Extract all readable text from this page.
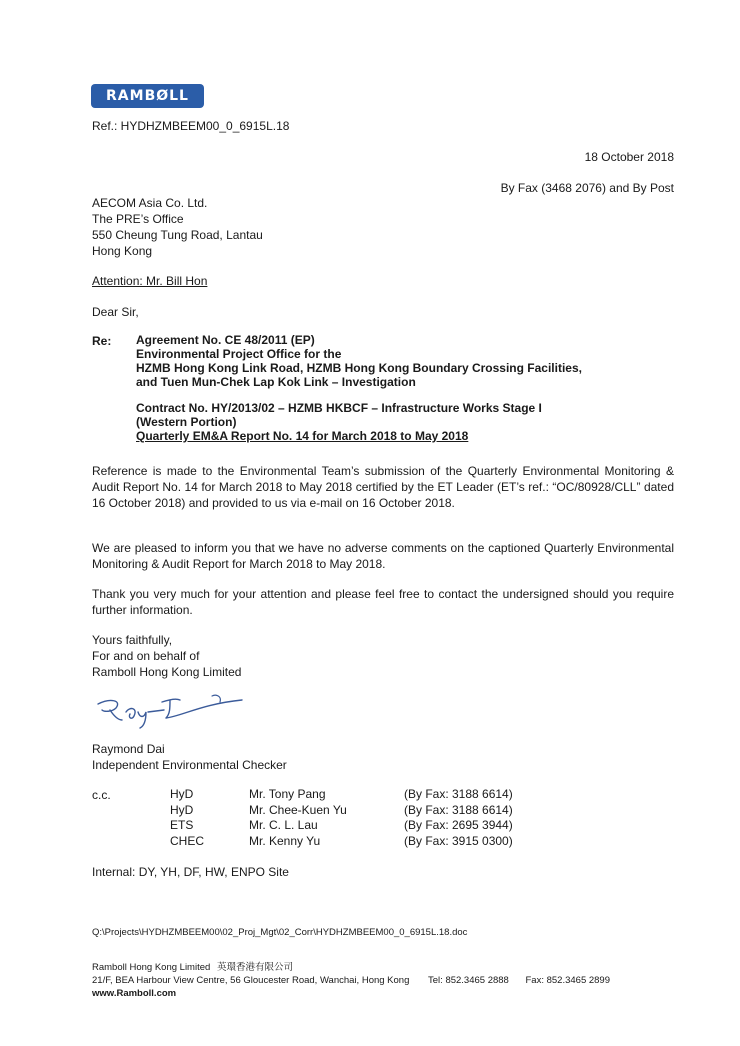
RAMBØLL
Ref.: HYDHZMBEEM00_0_6915L.18
18 October 2018
By Fax (3468 2076) and By Post
AECOM Asia Co. Ltd.
The PRE’s Office
550 Cheung Tung Road, Lantau
Hong Kong
Attention: Mr. Bill Hon
Dear Sir,
Re: Agreement No. CE 48/2011 (EP)
Environmental Project Office for the
HZMB Hong Kong Link Road, HZMB Hong Kong Boundary Crossing Facilities,
and Tuen Mun-Chek Lap Kok Link – Investigation
Contract No. HY/2013/02 – HZMB HKBCF – Infrastructure Works Stage I
(Western Portion)
Quarterly EM&A Report No. 14 for March 2018 to May 2018
Reference is made to the Environmental Team’s submission of the Quarterly Environmental Monitoring & Audit Report No. 14 for March 2018 to May 2018 certified by the ET Leader (ET’s ref.: “OC/80928/CLL” dated 16 October 2018) and provided to us via e-mail on 16 October 2018.
We are pleased to inform you that we have no adverse comments on the captioned Quarterly Environmental Monitoring & Audit Report for March 2018 to May 2018.
Thank you very much for your attention and please feel free to contact the undersigned should you require further information.
Yours faithfully,
For and on behalf of
Ramboll Hong Kong Limited
Raymond Dai
Independent Environmental Checker
c.c.	HyD
HyD
ETS
CHEC
Mr. Tony Pang
Mr. Chee-Kuen Yu
Mr. C. L. Lau
Mr. Kenny Yu
(By Fax: 3188 6614)
(By Fax: 3188 6614)
(By Fax: 2695 3944)
(By Fax: 3915 0300)
Internal: DY, YH, DF, HW, ENPO Site
Q:\Projects\HYDHZMBEEM00\02_Proj_Mgt\02_Corr\HYDHZMBEEM00_0_6915L.18.doc
Ramboll Hong Kong Limited 英環香港有限公司
21/F, BEA Harbour View Centre, 56 Gloucester Road, Wanchai, Hong Kong Tel: 852.3465 2888 Fax: 852.3465 2899
www.Ramboll.com
